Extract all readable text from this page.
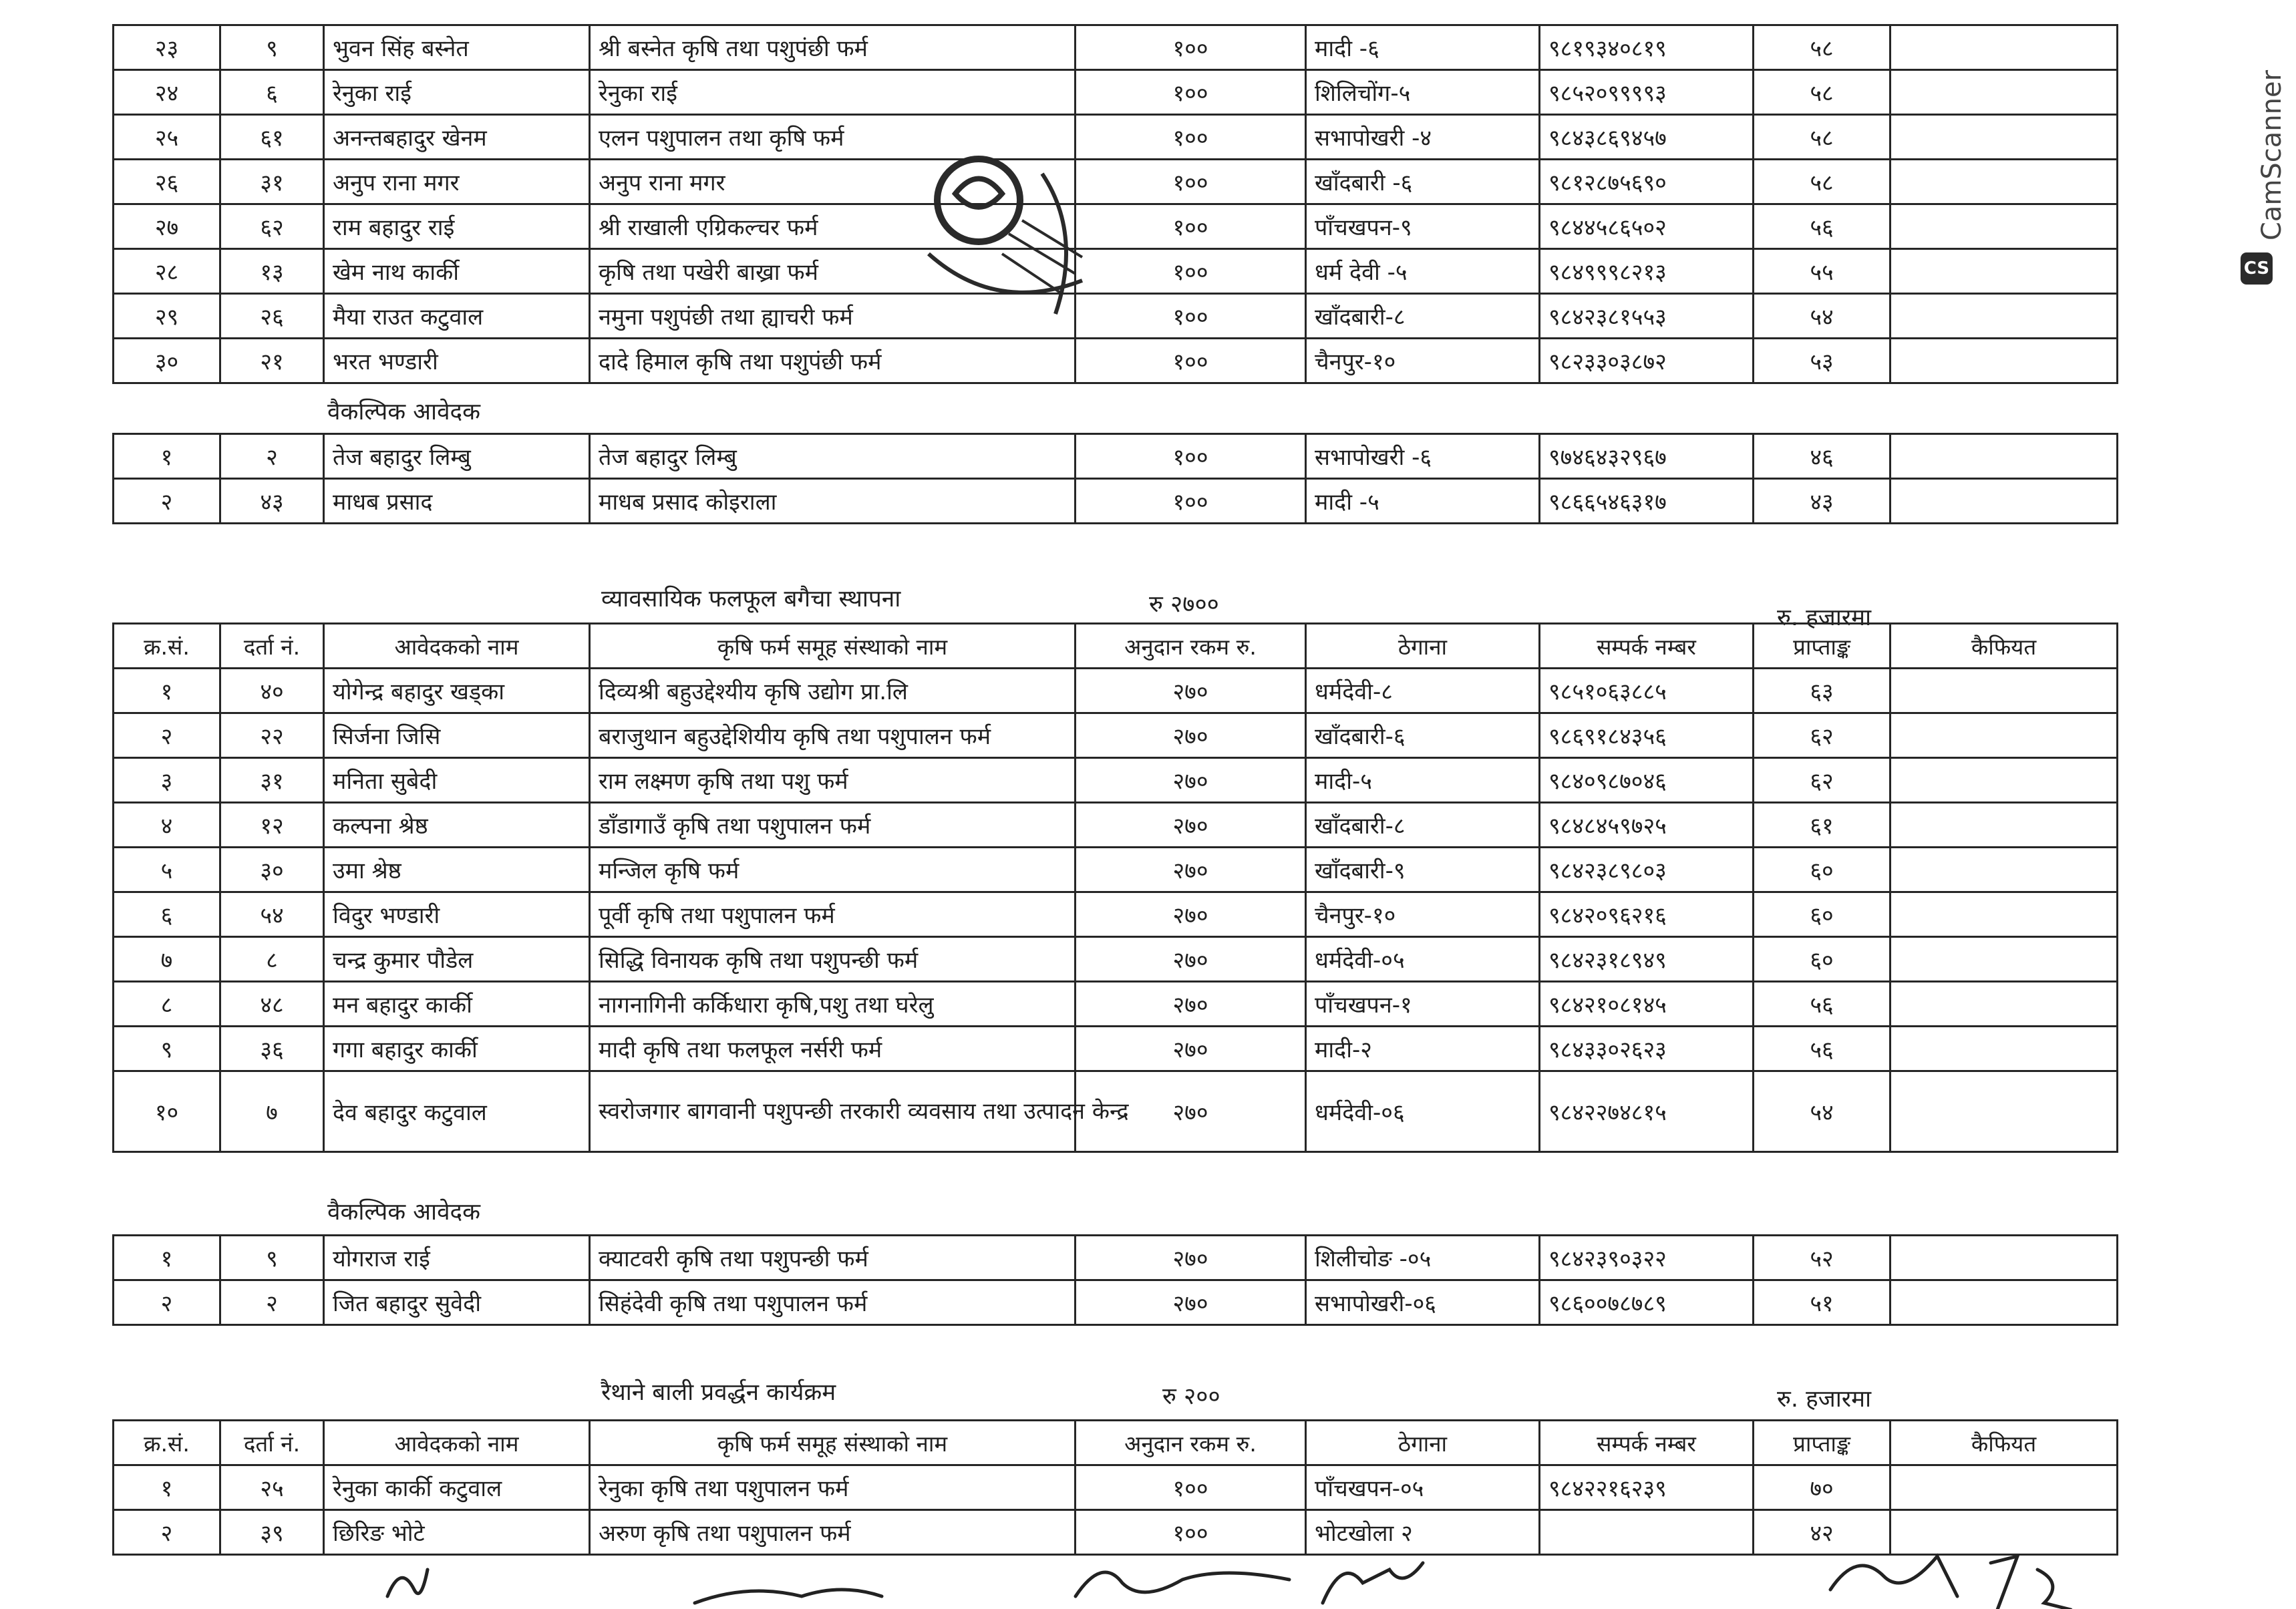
CS
CamScanner
२३	९	भुवन सिंह बस्नेत	श्री बस्नेत कृषि तथा पशुपंछी फर्म	१००	मादी -६	९८१९३४०८१९	५८	
२४	६	रेनुका राई	रेनुका राई	१००	शिलिचोंग-५	९८५२०९९९९३	५८	
२५	६१	अनन्तबहादुर खेनम	एलन पशुपालन तथा कृषि फर्म	१००	सभापोखरी -४	९८४३८६९४५७	५८	
२६	३१	अनुप राना मगर	अनुप राना मगर	१००	खाँदबारी -६	९८१२८७५६९०	५८	
२७	६२	राम बहादुर राई	श्री राखाली एग्रिकल्चर फर्म	१००	पाँचखपन-९	९८४४५८६५०२	५६	
२८	१३	खेम नाथ कार्की	कृषि तथा पखेरी बाख्रा फर्म	१००	धर्म देवी -५	९८४९९९८२१३	५५	
२९	२६	मैया राउत कटुवाल	नमुना पशुपंछी तथा ह्याचरी फर्म	१००	खाँदबारी-८	९८४२३८१५५३	५४	
३०	२१	भरत भण्डारी	दादे हिमाल कृषि तथा पशुपंछी फर्म	१००	चैनपुर-१०	९८२३३०३८७२	५३	
वैकल्पिक आवेदक
१	२	तेज बहादुर लिम्बु	तेज बहादुर लिम्बु	१००	सभापोखरी -६	९७४६४३२९६७	४६	
२	४३	माधब प्रसाद	माधब प्रसाद कोइराला	१००	मादी -५	९८६६५४६३१७	४३	
व्यावसायिक फलफूल बगैचा स्थापना	रु २७००	रु. हजारमा
क्र.सं.	दर्ता नं.	आवेदकको नाम	कृषि फर्म समूह संस्थाको नाम	अनुदान रकम रु.	ठेगाना	सम्पर्क नम्बर	प्राप्ताङ्क	कैफियत
१	४०	योगेन्द्र बहादुर खड्का	दिव्यश्री बहुउद्देश्यीय कृषि उद्योग प्रा.लि	२७०	धर्मदेवी-८	९८५१०६३८८५	६३	
२	२२	सिर्जना जिसि	बराजुथान बहुउद्देशियीय कृषि तथा पशुपालन फर्म	२७०	खाँदबारी-६	९८६९१८४३५६	६२	
३	३१	मनिता सुबेदी	राम लक्ष्मण कृषि तथा पशु फर्म	२७०	मादी-५	९८४०९८७०४६	६२	
४	१२	कल्पना श्रेष्ठ	डाँडागाउँ कृषि तथा पशुपालन फर्म	२७०	खाँदबारी-८	९८४८४५९७२५	६१	
५	३०	उमा श्रेष्ठ	मन्जिल कृषि फर्म	२७०	खाँदबारी-९	९८४२३८९८०३	६०	
६	५४	विदुर भण्डारी	पूर्वी कृषि तथा पशुपालन फर्म	२७०	चैनपुर-१०	९८४२०९६२१६	६०	
७	८	चन्द्र कुमार पौडेल	सिद्धि विनायक कृषि तथा पशुपन्छी फर्म	२७०	धर्मदेवी-०५	९८४२३१८९४९	६०	
८	४८	मन बहादुर कार्की	नागनागिनी कर्किधारा कृषि,पशु तथा घरेलु	२७०	पाँचखपन-१	९८४२१०८१४५	५६	
९	३६	गगा बहादुर कार्की	मादी कृषि तथा फलफूल नर्सरी फर्म	२७०	मादी-२	९८४३३०२६२३	५६	
१०	७	देव बहादुर कटुवाल	स्वरोजगार बागवानी पशुपन्छी तरकारी व्यवसाय तथा उत्पादन केन्द्र	२७०	धर्मदेवी-०६	९८४२२७४८१५	५४	
वैकल्पिक आवेदक
१	९	योगराज राई	क्याटवरी कृषि तथा पशुपन्छी फर्म	२७०	शिलीचोङ -०५	९८४२३९०३२२	५२	
२	२	जित बहादुर सुवेदी	सिहंदेवी कृषि तथा पशुपालन फर्म	२७०	सभापोखरी-०६	९८६००७८७८९	५१	
रैथाने बाली प्रवर्द्धन कार्यक्रम	रु २००	रु. हजारमा
क्र.सं.	दर्ता नं.	आवेदकको नाम	कृषि फर्म समूह संस्थाको नाम	अनुदान रकम रु.	ठेगाना	सम्पर्क नम्बर	प्राप्ताङ्क	कैफियत
१	२५	रेनुका कार्की कटुवाल	रेनुका कृषि तथा पशुपालन फर्म	१००	पाँचखपन-०५	९८४२२१६२३९	७०	
२	३९	छिरिङ भोटे	अरुण कृषि तथा पशुपालन फर्म	१००	भोटखोला २		४२	
